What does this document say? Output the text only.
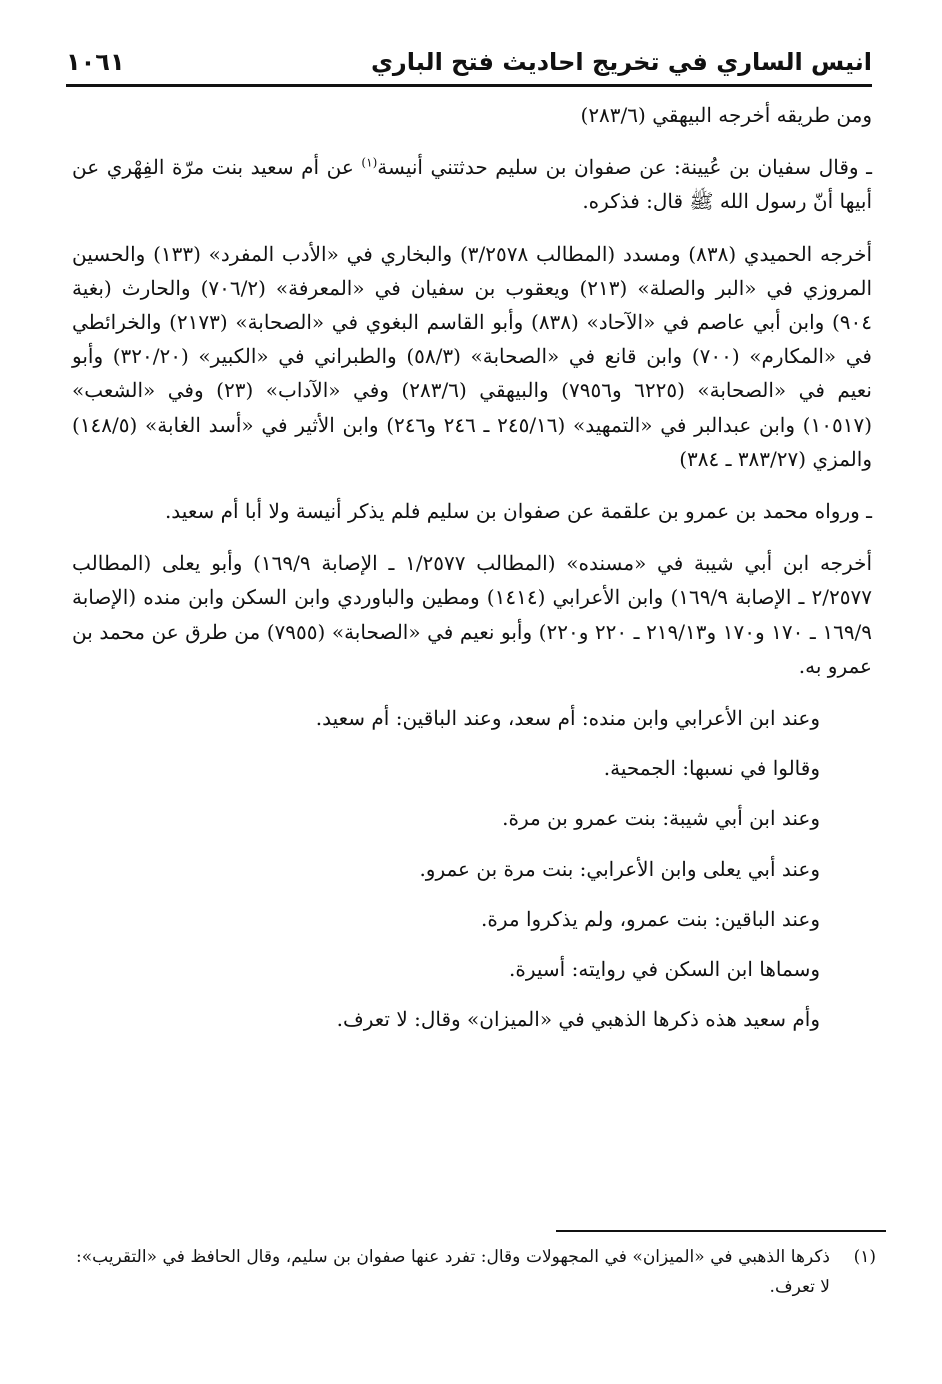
انيس الساري في تخريج احاديث فتح الباري
١٠٦١

ومن طريقه أخرجه البيهقي (٢٨٣/٦)

ـ وقال سفيان بن عُيينة: عن صفوان بن سليم حدثتني أنيسة$^{(١)}$ عن أم سعيد بنت مرّة الفِهْري عن أبيها أنّ رسول الله ﷺ قال: فذكره.

أخرجه الحميدي (٨٣٨) ومسدد (المطالب ٣/٢٥٧٨) والبخاري في «الأدب المفرد» (١٣٣) والحسين المروزي في «البر والصلة» (٢١٣) ويعقوب بن سفيان في «المعرفة» (٧٠٦/٢) والحارث (بغية ٩٠٤) وابن أبي عاصم في «الآحاد» (٨٣٨) وأبو القاسم البغوي في «الصحابة» (٢١٧٣) والخرائطي في «المكارم» (٧٠٠) وابن قانع في «الصحابة» (٥٨/٣) والطبراني في «الكبير» (٣٢٠/٢٠) وأبو نعيم في «الصحابة» (٦٢٢٥ و٧٩٥٦) والبيهقي (٢٨٣/٦) وفي «الآداب» (٢٣) وفي «الشعب» (١٠٥١٧) وابن عبدالبر في «التمهيد» (٢٤٥/١٦ ـ ٢٤٦ و٢٤٦) وابن الأثير في «أسد الغابة» (١٤٨/٥) والمزي (٣٨٣/٢٧ ـ ٣٨٤)

ـ ورواه محمد بن عمرو بن علقمة عن صفوان بن سليم فلم يذكر أنيسة ولا أبا أم سعيد.

أخرجه ابن أبي شيبة في «مسنده» (المطالب ١/٢٥٧٧ ـ الإصابة ١٦٩/٩) وأبو يعلى (المطالب ٢/٢٥٧٧ ـ الإصابة ١٦٩/٩) وابن الأعرابي (١٤١٤) ومطين والباوردي وابن السكن وابن منده (الإصابة ١٦٩/٩ ـ ١٧٠ و١٧٠ و٢١٩/١٣ ـ ٢٢٠ و٢٢٠) وأبو نعيم في «الصحابة» (٧٩٥٥) من طرق عن محمد بن عمرو به.

وعند ابن الأعرابي وابن منده: أم سعد، وعند الباقين: أم سعيد.

وقالوا في نسبها: الجمحية.

وعند ابن أبي شيبة: بنت عمرو بن مرة.

وعند أبي يعلى وابن الأعرابي: بنت مرة بن عمرو.

وعند الباقين: بنت عمرو، ولم يذكروا مرة.

وسماها ابن السكن في روايته: أسيرة.

وأم سعيد هذه ذكرها الذهبي في «الميزان» وقال: لا تعرف.

(١)
ذكرها الذهبي في «الميزان» في المجهولات وقال: تفرد عنها صفوان بن سليم، وقال الحافظ في «التقريب»: لا تعرف.
